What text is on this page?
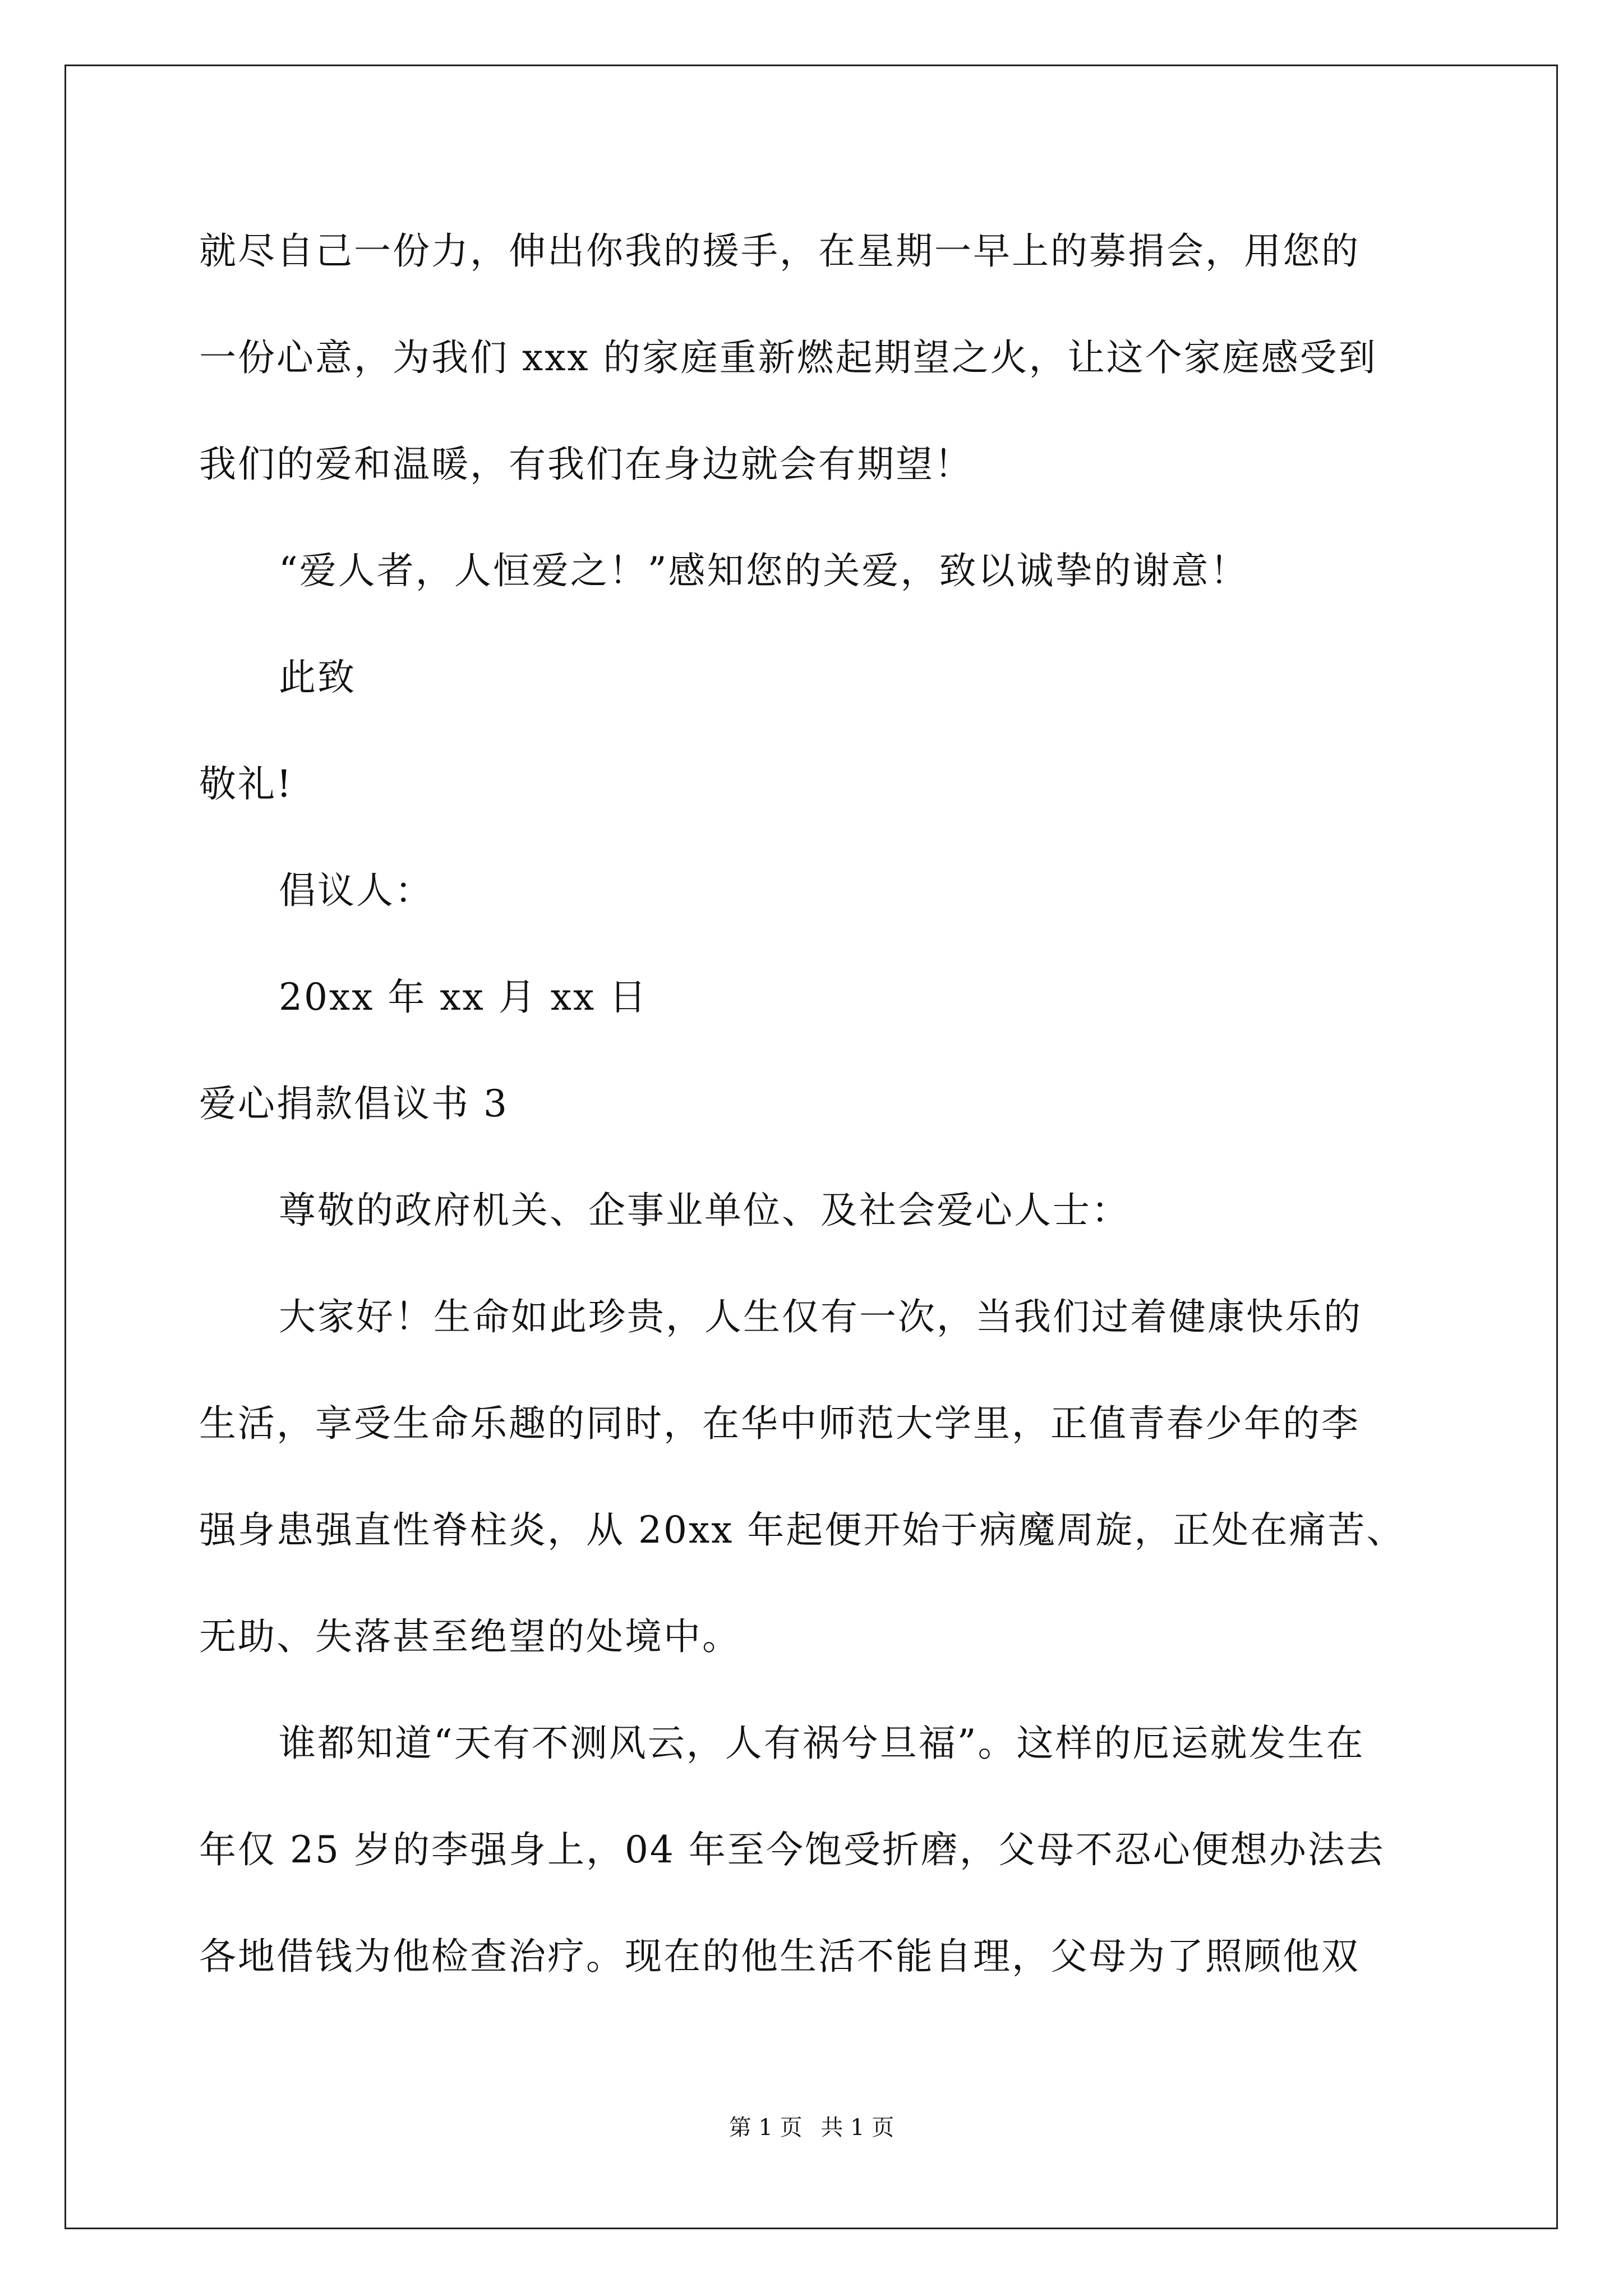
就尽自己一份力，伸出你我的援手，在星期一早上的募捐会，用您的
一份心意，为我们 xxx 的家庭重新燃起期望之火，让这个家庭感受到
我们的爱和温暖，有我们在身边就会有期望！
“爱人者，人恒爱之！”感知您的关爱，致以诚挚的谢意！
此致
敬礼!
倡议人：
20xx 年 xx 月 xx 日
爱心捐款倡议书 3
尊敬的政府机关、企事业单位、及社会爱心人士：
大家好！生命如此珍贵，人生仅有一次，当我们过着健康快乐的
生活，享受生命乐趣的同时，在华中师范大学里，正值青春少年的李
强身患强直性脊柱炎，从 20xx 年起便开始于病魔周旋，正处在痛苦、
无助、失落甚至绝望的处境中。
谁都知道“天有不测风云，人有祸兮旦福”。这样的厄运就发生在
年仅 25 岁的李强身上，04 年至今饱受折磨，父母不忍心便想办法去
各地借钱为他检查治疗。现在的他生活不能自理，父母为了照顾他双
第 1 页 共 1 页
